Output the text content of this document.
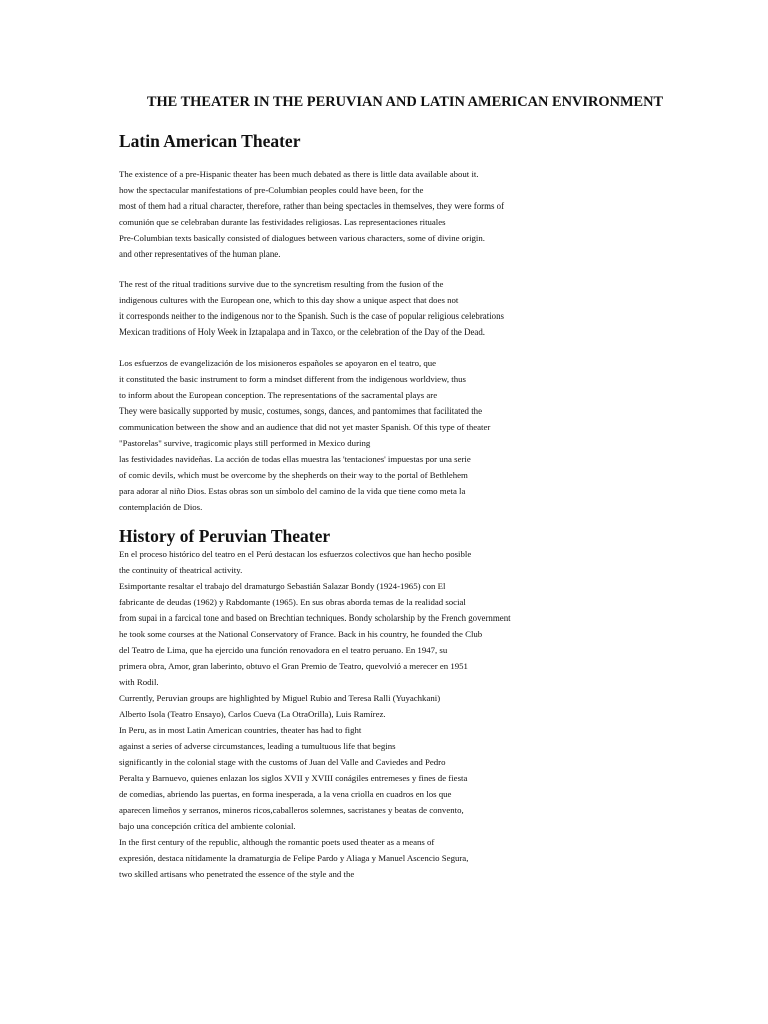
THE THEATER IN THE PERUVIAN AND LATIN AMERICAN ENVIRONMENT
Latin American Theater
The existence of a pre-Hispanic theater has been much debated as there is little data available about it.
how the spectacular manifestations of pre-Columbian peoples could have been, for the
most of them had a ritual character, therefore, rather than being spectacles in themselves, they were forms of
comunión que se celebraban durante las festividades religiosas. Las representaciones rituales
Pre-Columbian texts basically consisted of dialogues between various characters, some of divine origin.
and other representatives of the human plane.
The rest of the ritual traditions survive due to the syncretism resulting from the fusion of the
indigenous cultures with the European one, which to this day show a unique aspect that does not
it corresponds neither to the indigenous nor to the Spanish. Such is the case of popular religious celebrations
Mexican traditions of Holy Week in Iztapalapa and in Taxco, or the celebration of the Day of the Dead.
Los esfuerzos de evangelización de los misioneros españoles se apoyaron en el teatro, que
it constituted the basic instrument to form a mindset different from the indigenous worldview, thus
to inform about the European conception. The representations of the sacramental plays are
They were basically supported by music, costumes, songs, dances, and pantomimes that facilitated the
communication between the show and an audience that did not yet master Spanish. Of this type of theater
"Pastorelas" survive, tragicomic plays still performed in Mexico during
las festividades navideñas. La acción de todas ellas muestra las 'tentaciones' impuestas por una serie
of comic devils, which must be overcome by the shepherds on their way to the portal of Bethlehem
para adorar al niño Dios. Estas obras son un símbolo del camino de la vida que tiene como meta la
contemplación de Dios.
History of Peruvian Theater
En el proceso histórico del teatro en el Perú destacan los esfuerzos colectivos que han hecho posible
the continuity of theatrical activity.
Esimportante resaltar el trabajo del dramaturgo Sebastián Salazar Bondy (1924-1965) con El
fabricante de deudas (1962) y Rabdomante (1965). En sus obras aborda temas de la realidad social
from supai in a farcical tone and based on Brechtian techniques. Bondy scholarship by the French government
he took some courses at the National Conservatory of France. Back in his country, he founded the Club
del Teatro de Lima, que ha ejercido una función renovadora en el teatro peruano. En 1947, su
primera obra, Amor, gran laberinto, obtuvo el Gran Premio de Teatro, quevolvió a merecer en 1951
with Rodil.
Currently, Peruvian groups are highlighted by Miguel Rubio and Teresa Ralli (Yuyachkani)
Alberto Isola (Teatro Ensayo), Carlos Cueva (La OtraOrilla), Luis Ramírez.
In Peru, as in most Latin American countries, theater has had to fight
against a series of adverse circumstances, leading a tumultuous life that begins
significantly in the colonial stage with the customs of Juan del Valle and Caviedes and Pedro
Peralta y Barnuevo, quienes enlazan los siglos XVII y XVIII conágiles entremeses y fines de fiesta
de comedias, abriendo las puertas, en forma inesperada, a la vena criolla en cuadros en los que
aparecen limeños y serranos, mineros ricos,caballeros solemnes, sacristanes y beatas de convento,
bajo una concepción crítica del ambiente colonial.
In the first century of the republic, although the romantic poets used theater as a means of
expresión, destaca nítidamente la dramaturgia de Felipe Pardo y Aliaga y Manuel Ascencio Segura,
two skilled artisans who penetrated the essence of the style and the
